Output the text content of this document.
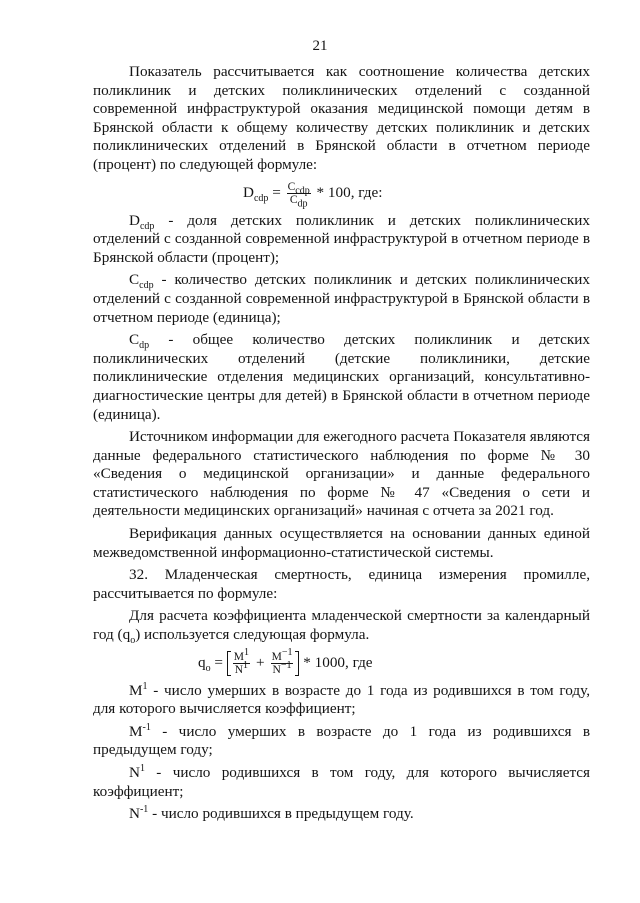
21

Показатель рассчитывается как соотношение количества детских поликлиник и детских поликлинических отделений с созданной современной инфраструктурой оказания медицинской помощи детям в Брянской области к общему количеству детских поликлиник и детских поликлинических отделений в Брянской области в отчетном периоде (процент) по следующей формуле:

$D_{cdp} = \frac{C_{cdp}}{C_{dp}} * 100$, где:

$D_{cdp}$ - доля детских поликлиник и детских поликлинических отделений с созданной современной инфраструктурой в отчетном периоде в Брянской области (процент);

$C_{cdp}$ - количество детских поликлиник и детских поликлинических отделений с созданной современной инфраструктурой в Брянской области в отчетном периоде (единица);

$C_{dp}$ - общее количество детских поликлиник и детских поликлинических отделений (детские поликлиники, детские поликлинические отделения медицинских организаций, консультативно-диагностические центры для детей) в Брянской области в отчетном периоде (единица).

Источником информации для ежегодного расчета Показателя являются данные федерального статистического наблюдения по форме № 30 «Сведения о медицинской организации» и данные федерального статистического наблюдения по форме № 47 «Сведения о сети и деятельности медицинских организаций» начиная с отчета за 2021 год.

Верификация данных осуществляется на основании данных единой межведомственной информационно-статистической системы.

32. Младенческая смертность, единица измерения промилле, рассчитывается по формуле:

Для расчета коэффициента младенческой смертности за календарный год $(q_o)$ используется следующая формула.

$q_o = \frac{M^1}{N^1} + \frac{M^{-1}}{N^{-1}} * 1000$, где

$M^1$ - число умерших в возрасте до 1 года из родившихся в том году, для которого вычисляется коэффициент;

$M^{-1}$ - число умерших в возрасте до 1 года из родившихся в предыдущем году;

$N^1$ - число родившихся в том году, для которого вычисляется коэффициент;

$N^{-1}$ - число родившихся в предыдущем году.
